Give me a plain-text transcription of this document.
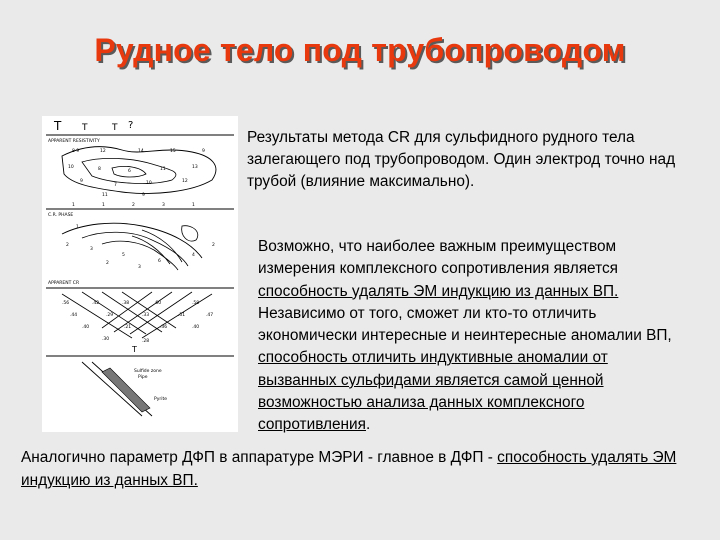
Рудное тело под трубопроводом
T T	T ?
APPARENT RESISTIVITY
8 9	12	14	15	9
10	8	6	11	13
9
7	10	12
11	9
C.R. PHASE
1	1	2	3	1
2
3
5
6
4
1
2
2
3
APPARENT CR
.56	.42	.38	.60	.58
.44	.29	.33	.51	.47
.40	.21	.36	.40
.30	.28
T
Sulfide zone
Pipe
Pyrite
Результаты метода CR для сульфидного рудного тела залегающего под трубопроводом. Один электрод точно над трубой (влияние максимально).
Возможно, что наиболее важным преимуществом измерения комплексного сопротивления является способность удалять ЭМ индукцию из данных ВП. Независимо от того, сможет ли кто-то отличить экономически интересные и неинтересные аномалии ВП, способность отличить индуктивные аномалии от вызванных сульфидами является самой ценной возможностью анализа данных комплексного сопротивления.
Аналогично параметр ДФП в аппаратуре МЭРИ - главное в ДФП - способность удалять ЭМ индукцию из данных ВП.
